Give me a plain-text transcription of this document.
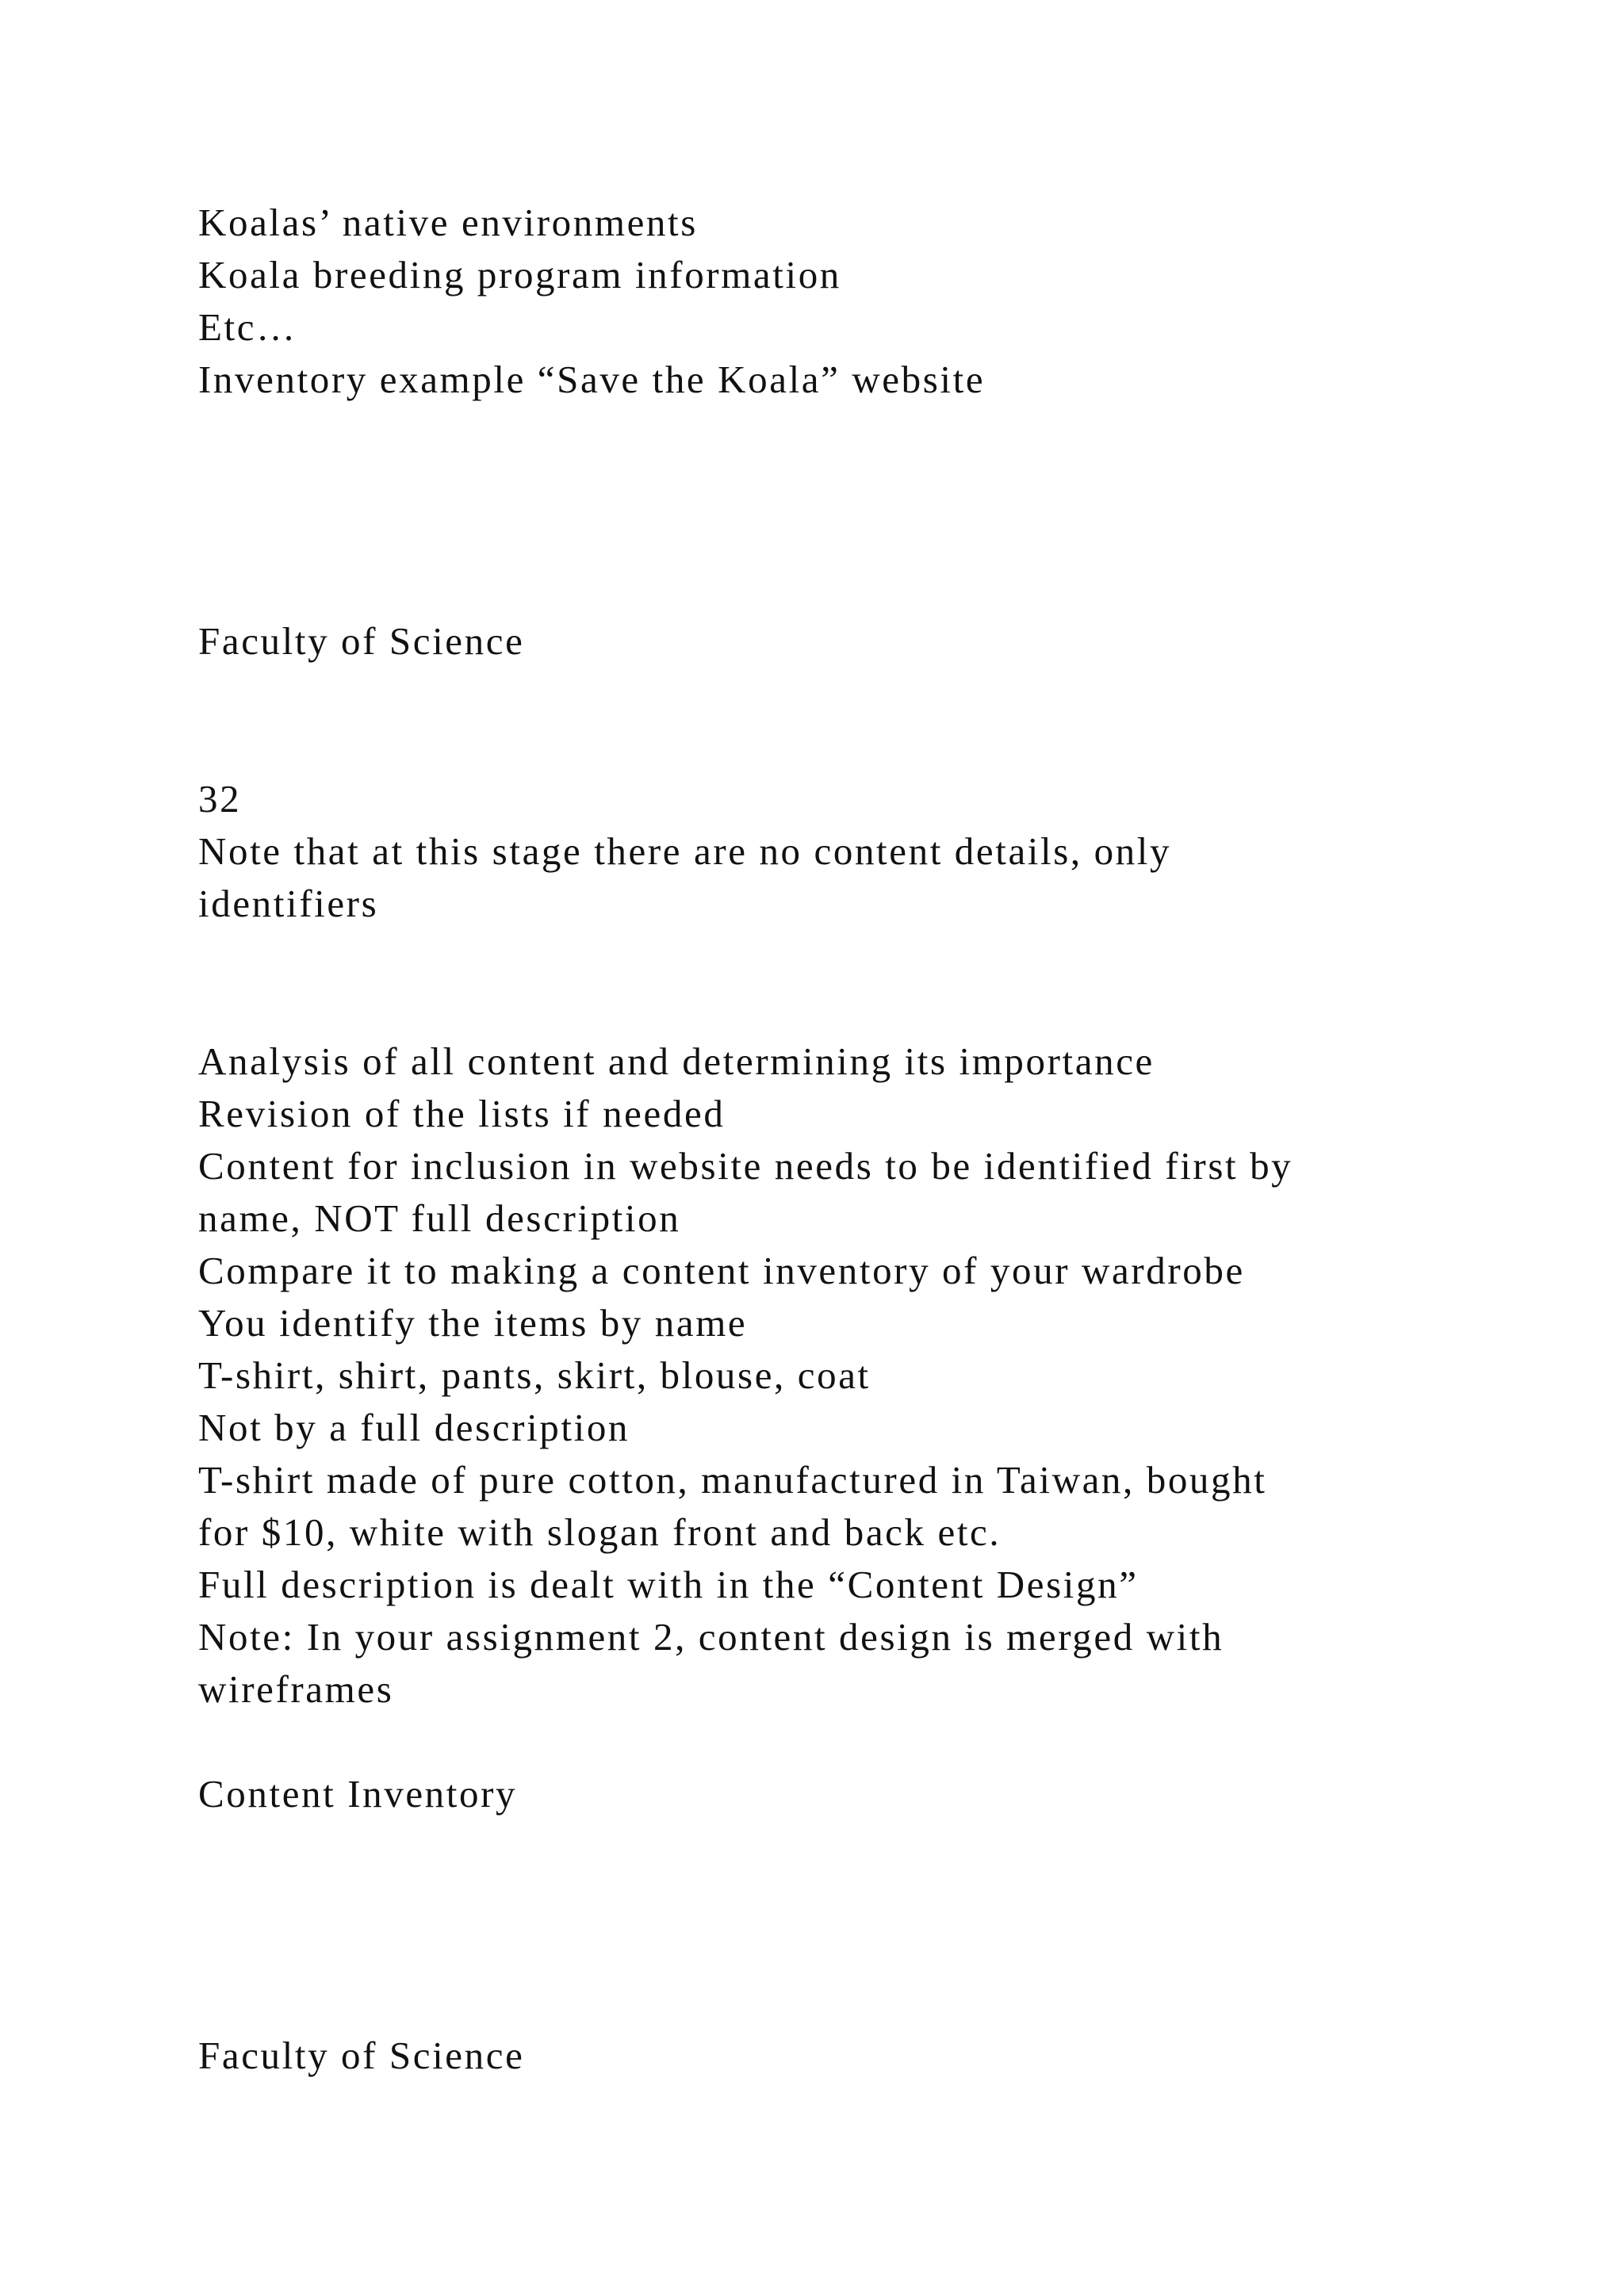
Koalas’ native environments

Koala breeding program information

Etc…

Inventory example “Save the Koala” website

Faculty of Science

32

Note that at this stage there are no content details, only

identifiers

Analysis of all content and determining its importance

Revision of the lists if needed

Content for inclusion in website needs to be identified first by

name, NOT full description

Compare it to making a content inventory of your wardrobe

You identify the items by name

T-shirt, shirt, pants, skirt, blouse, coat

Not by a full description

T-shirt made of pure cotton, manufactured in Taiwan, bought

for $10, white with slogan front and back etc.

Full description is dealt with in the “Content Design”

Note: In your assignment 2, content design is merged with

wireframes

Content Inventory

Faculty of Science
